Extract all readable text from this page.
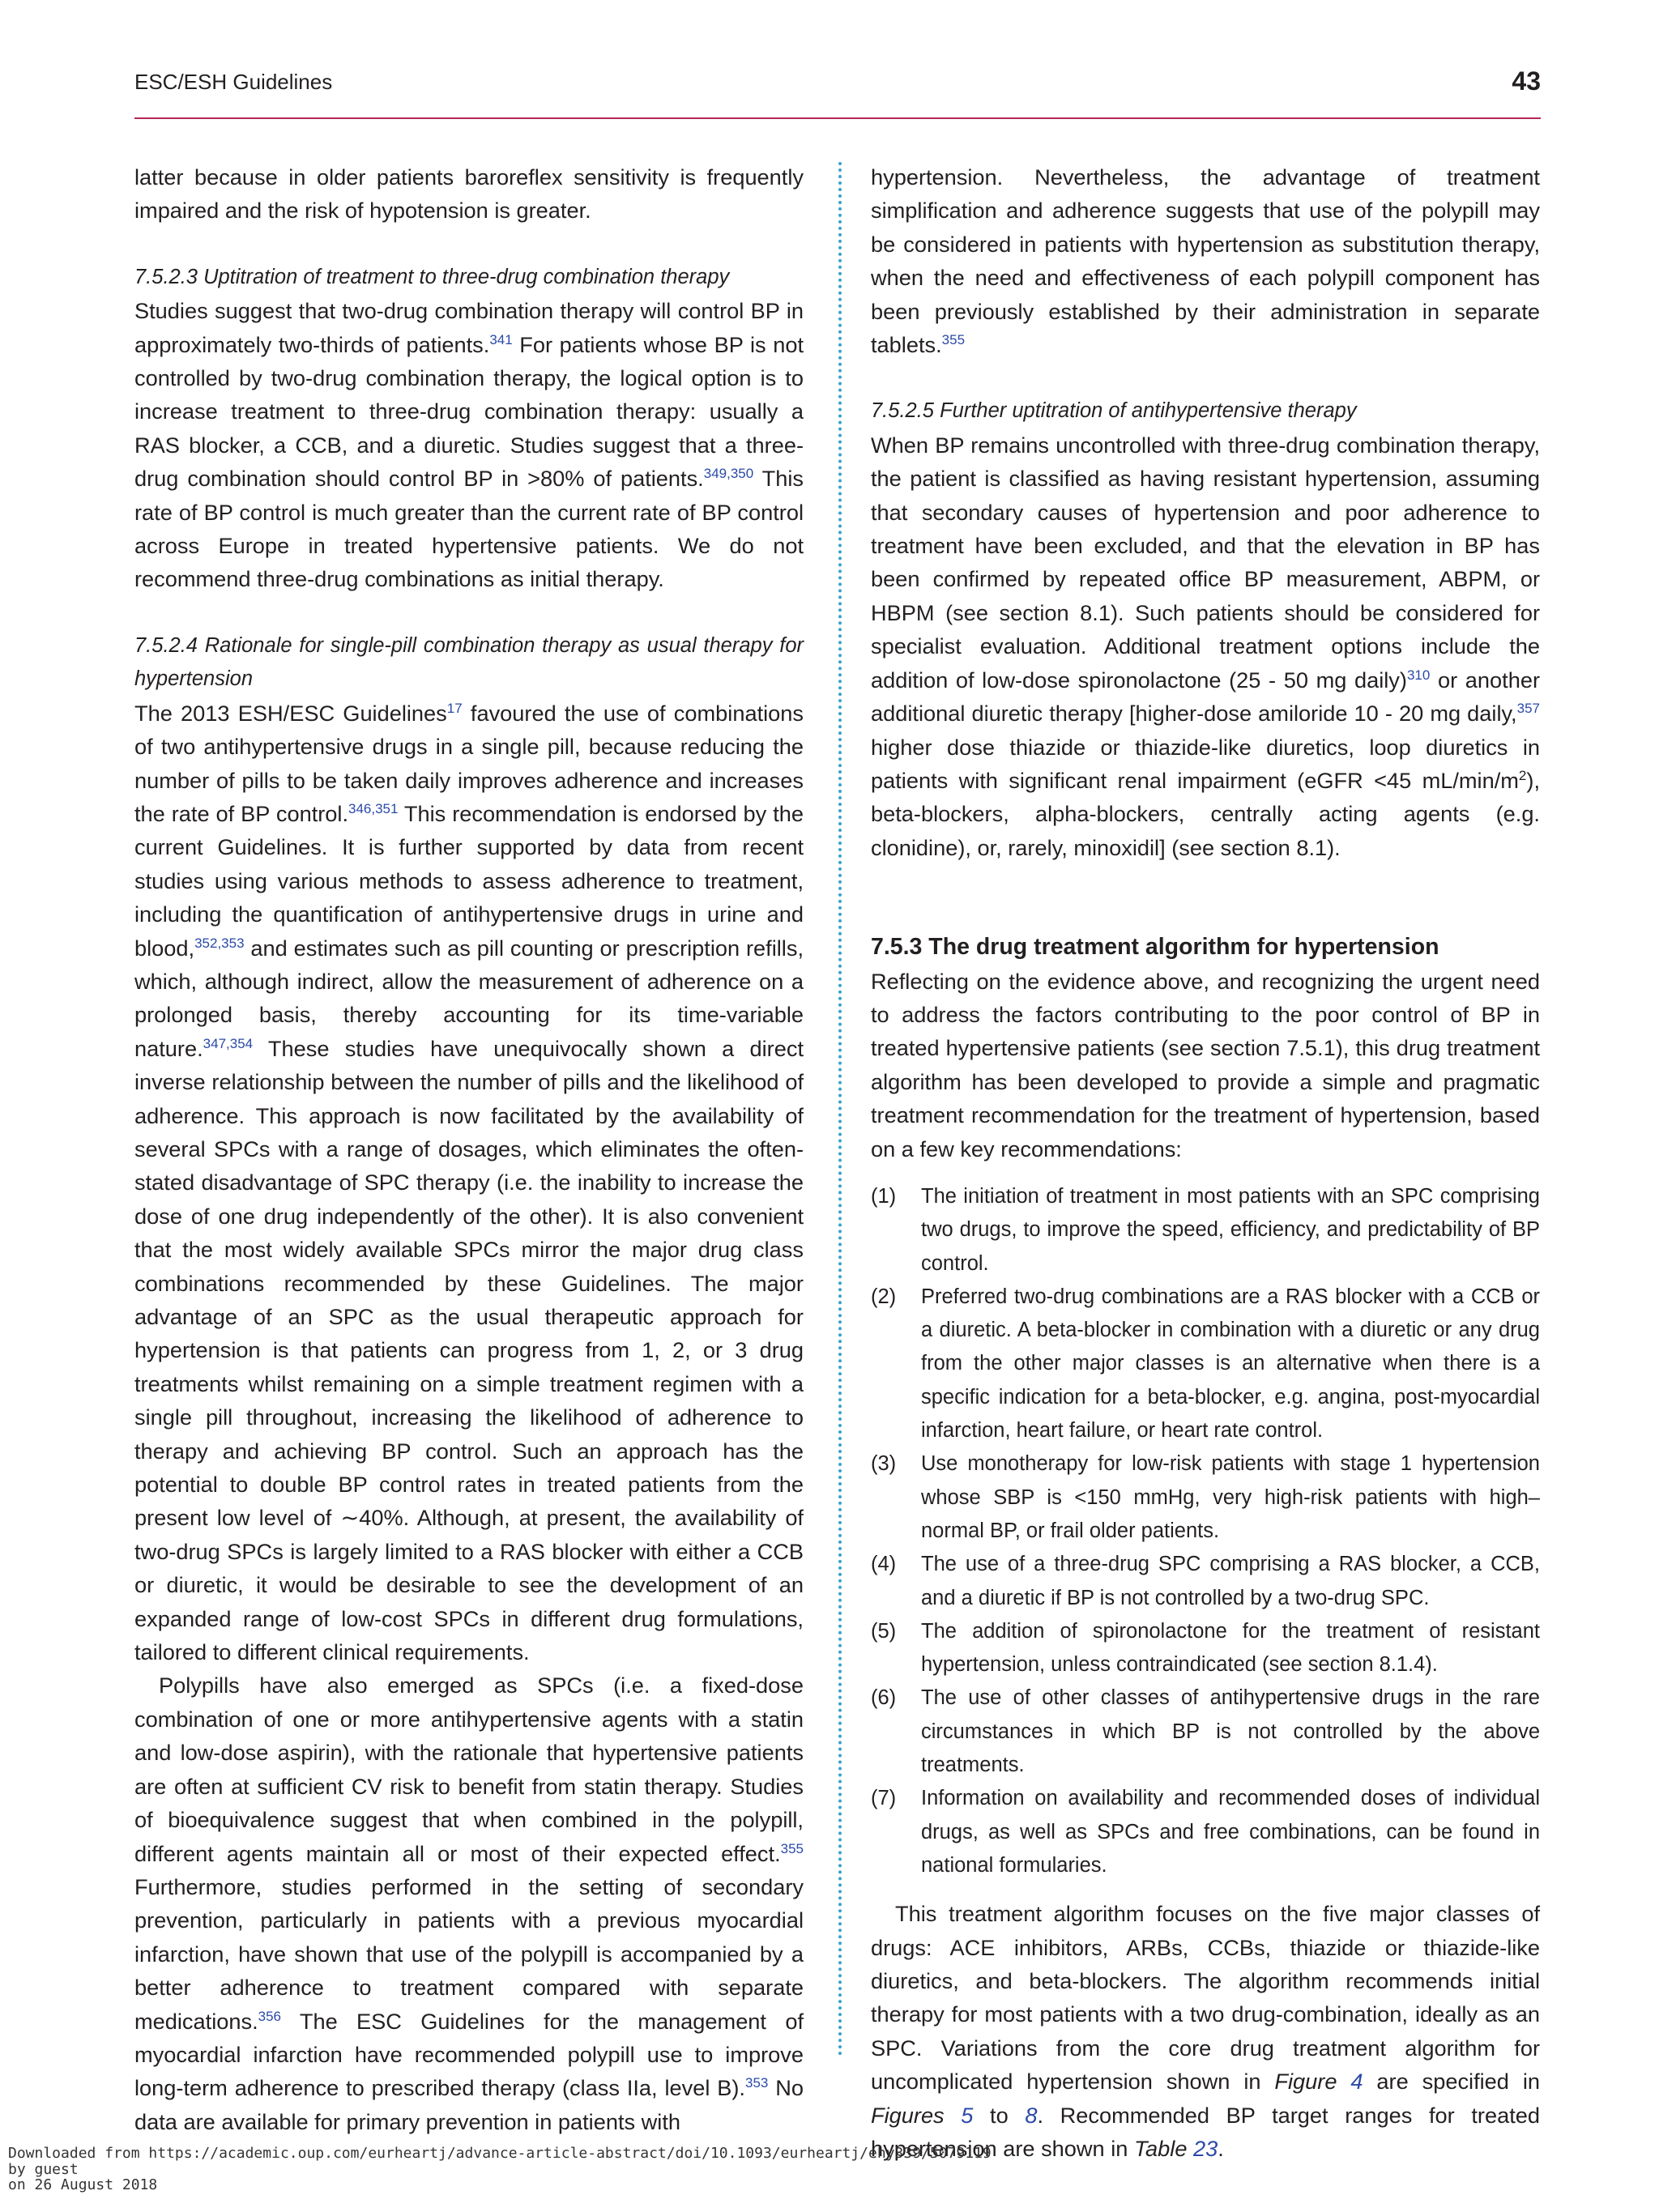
ESC/ESH Guidelines	43

latter because in older patients baroreflex sensitivity is frequently impaired and the risk of hypotension is greater.

7.5.2.3 Uptitration of treatment to three-drug combination therapy

Studies suggest that two-drug combination therapy will control BP in approximately two-thirds of patients.$^{341}$ For patients whose BP is not controlled by two-drug combination therapy, the logical option is to increase treatment to three-drug combination therapy: usually a RAS blocker, a CCB, and a diuretic. Studies suggest that a three-drug combination should control BP in >80% of patients.$^{349,350}$ This rate of BP control is much greater than the current rate of BP control across Europe in treated hypertensive patients. We do not recommend three-drug combinations as initial therapy.

7.5.2.4 Rationale for single-pill combination therapy as usual therapy for hypertension

The 2013 ESH/ESC Guidelines$^{17}$ favoured the use of combinations of two antihypertensive drugs in a single pill, because reducing the number of pills to be taken daily improves adherence and increases the rate of BP control.$^{346,351}$ This recommendation is endorsed by the current Guidelines. It is further supported by data from recent studies using various methods to assess adherence to treatment, including the quantification of antihypertensive drugs in urine and blood,$^{352,353}$ and estimates such as pill counting or prescription refills, which, although indirect, allow the measurement of adherence on a prolonged basis, thereby accounting for its time-variable nature.$^{347,354}$ These studies have unequivocally shown a direct inverse relationship between the number of pills and the likelihood of adherence. This approach is now facilitated by the availability of several SPCs with a range of dosages, which eliminates the often-stated disadvantage of SPC therapy (i.e. the inability to increase the dose of one drug independently of the other). It is also convenient that the most widely available SPCs mirror the major drug class combinations recommended by these Guidelines. The major advantage of an SPC as the usual therapeutic approach for hypertension is that patients can progress from 1, 2, or 3 drug treatments whilst remaining on a simple treatment regimen with a single pill throughout, increasing the likelihood of adherence to therapy and achieving BP control. Such an approach has the potential to double BP control rates in treated patients from the present low level of ∼40%. Although, at present, the availability of two-drug SPCs is largely limited to a RAS blocker with either a CCB or diuretic, it would be desirable to see the development of an expanded range of low-cost SPCs in different drug formulations, tailored to different clinical requirements.

Polypills have also emerged as SPCs (i.e. a fixed-dose combination of one or more antihypertensive agents with a statin and low-dose aspirin), with the rationale that hypertensive patients are often at sufficient CV risk to benefit from statin therapy. Studies of bioequivalence suggest that when combined in the polypill, different agents maintain all or most of their expected effect.$^{355}$ Furthermore, studies performed in the setting of secondary prevention, particularly in patients with a previous myocardial infarction, have shown that use of the polypill is accompanied by a better adherence to treatment compared with separate medications.$^{356}$ The ESC Guidelines for the management of myocardial infarction have recommended polypill use to improve long-term adherence to prescribed therapy (class IIa, level B).$^{353}$ No data are available for primary prevention in patients with

hypertension. Nevertheless, the advantage of treatment simplification and adherence suggests that use of the polypill may be considered in patients with hypertension as substitution therapy, when the need and effectiveness of each polypill component has been previously established by their administration in separate tablets.$^{355}$

7.5.2.5 Further uptitration of antihypertensive therapy

When BP remains uncontrolled with three-drug combination therapy, the patient is classified as having resistant hypertension, assuming that secondary causes of hypertension and poor adherence to treatment have been excluded, and that the elevation in BP has been confirmed by repeated office BP measurement, ABPM, or HBPM (see section 8.1). Such patients should be considered for specialist evaluation. Additional treatment options include the addition of low-dose spironolactone (25 - 50 mg daily)$^{310}$ or another additional diuretic therapy [higher-dose amiloride 10 - 20 mg daily,$^{357}$ higher dose thiazide or thiazide-like diuretics, loop diuretics in patients with significant renal impairment (eGFR <45 $mL/\min/m^2$), beta-blockers, alpha-blockers, centrally acting agents (e.g. clonidine), or, rarely, minoxidil] (see section 8.1).

7.5.3 The drug treatment algorithm for hypertension

Reflecting on the evidence above, and recognizing the urgent need to address the factors contributing to the poor control of BP in treated hypertensive patients (see section 7.5.1), this drug treatment algorithm has been developed to provide a simple and pragmatic treatment recommendation for the treatment of hypertension, based on a few key recommendations:

(1) The initiation of treatment in most patients with an SPC comprising two drugs, to improve the speed, efficiency, and predictability of BP control.
(2) Preferred two-drug combinations are a RAS blocker with a CCB or a diuretic. A beta-blocker in combination with a diuretic or any drug from the other major classes is an alternative when there is a specific indication for a beta-blocker, e.g. angina, post-myocardial infarction, heart failure, or heart rate control.
(3) Use monotherapy for low-risk patients with stage 1 hypertension whose SBP is <150 mmHg, very high-risk patients with high–normal BP, or frail older patients.
(4) The use of a three-drug SPC comprising a RAS blocker, a CCB, and a diuretic if BP is not controlled by a two-drug SPC.
(5) The addition of spironolactone for the treatment of resistant hypertension, unless contraindicated (see section 8.1.4).
(6) The use of other classes of antihypertensive drugs in the rare circumstances in which BP is not controlled by the above treatments.
(7) Information on availability and recommended doses of individual drugs, as well as SPCs and free combinations, can be found in national formularies.

This treatment algorithm focuses on the five major classes of drugs: ACE inhibitors, ARBs, CCBs, thiazide or thiazide-like diuretics, and beta-blockers. The algorithm recommends initial therapy for most patients with a two drug-combination, ideally as an SPC. Variations from the core drug treatment algorithm for uncomplicated hypertension shown in Figure 4 are specified in Figures 5 to 8. Recommended BP target ranges for treated hypertension are shown in Table 23.

Downloaded from https://academic.oup.com/eurheartj/advance-article-abstract/doi/10.1093/eurheartj/ehy339/5079119
by guest
on 26 August 2018
